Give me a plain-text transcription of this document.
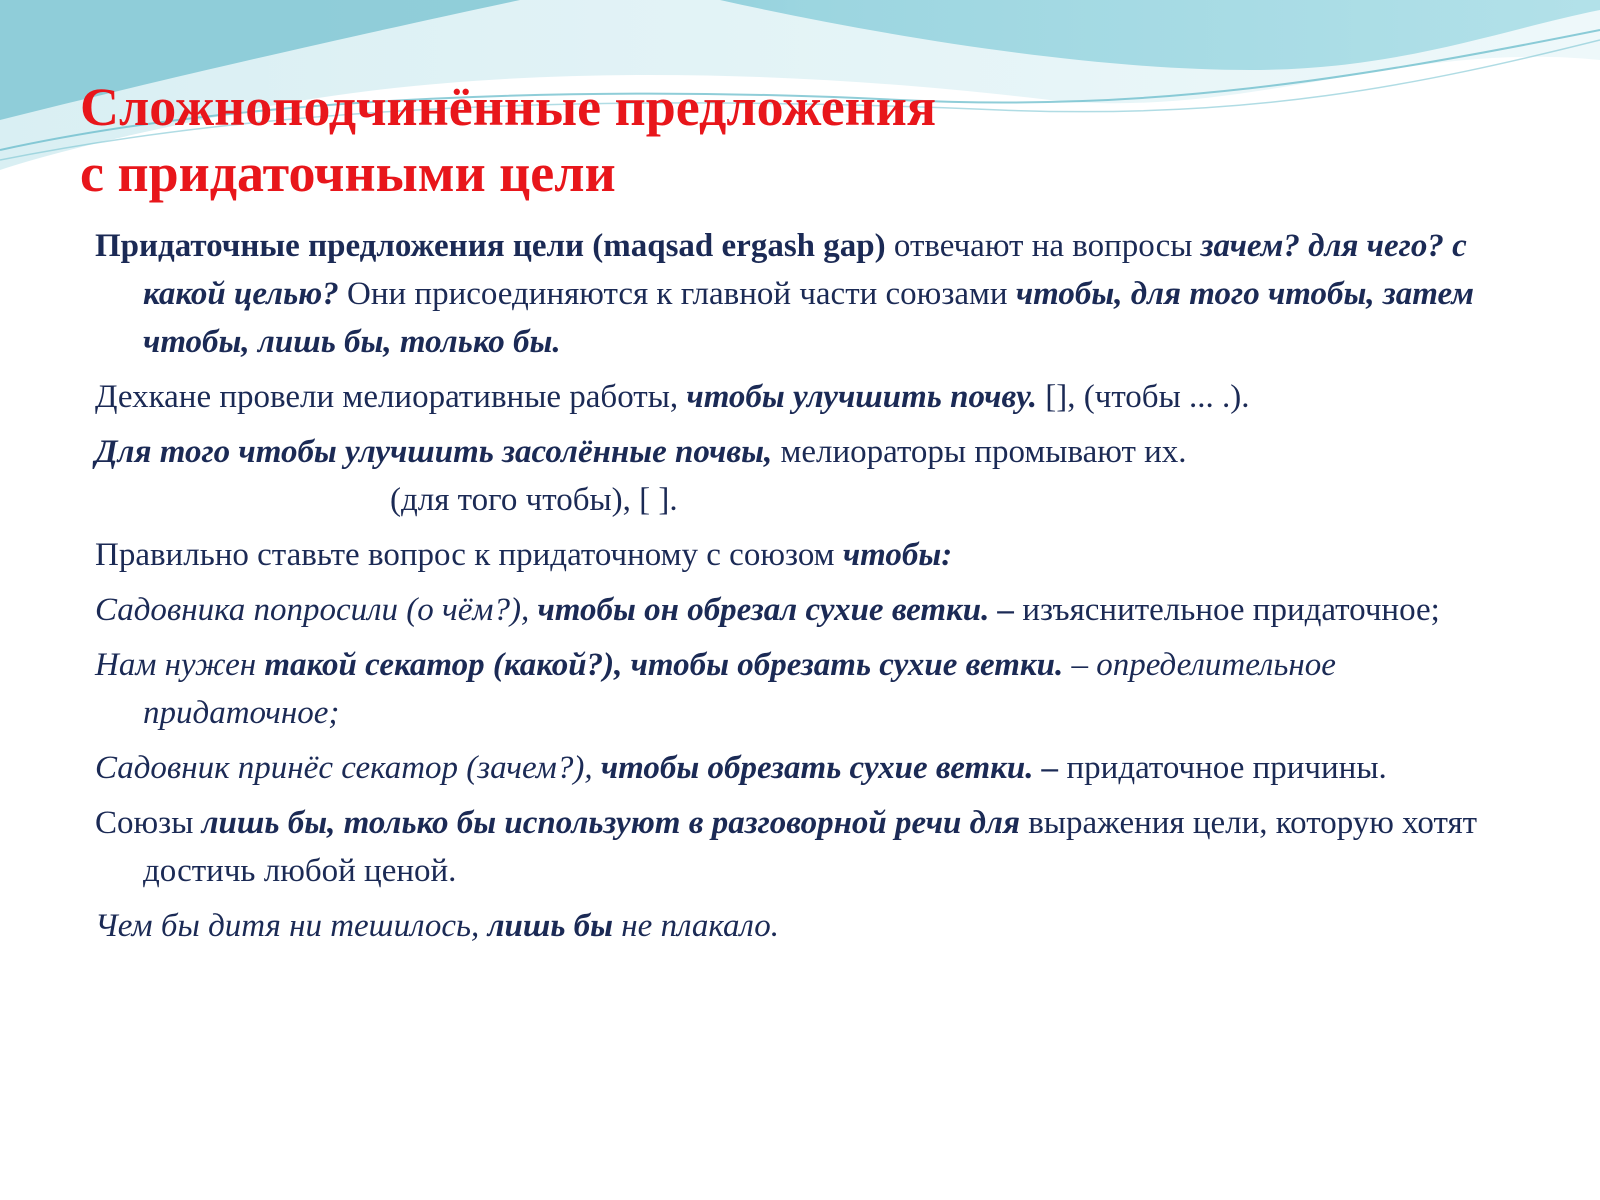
Сложноподчинённые предложения
с придаточными цели

Придаточные предложения цели (maqsad ergash gap) отвечают на вопросы зачем? для чего? с какой целью? Они присоединяются к главной части союзами чтобы, для того чтобы, затем чтобы, лишь бы, только бы.

Дехкане провели мелиоративные работы, чтобы улучшить почву. [], (чтобы ... .).

Для того чтобы улучшить засолённые почвы, мелиораторы промывают их.
(для того чтобы), [ ].

Правильно ставьте вопрос к придаточному с союзом чтобы:

Садовника попросили (о чём?), чтобы он обрезал сухие ветки. – изъяснительное придаточное;

Нам нужен такой секатор (какой?), чтобы обрезать сухие ветки. – определительное придаточное;

Садовник принёс секатор (зачем?), чтобы обрезать сухие ветки. – придаточное причины.

Союзы лишь бы, только бы используют в разговорной речи для выражения цели, которую хотят достичь любой ценой.

Чем бы дитя ни тешилось, лишь бы не плакало.
